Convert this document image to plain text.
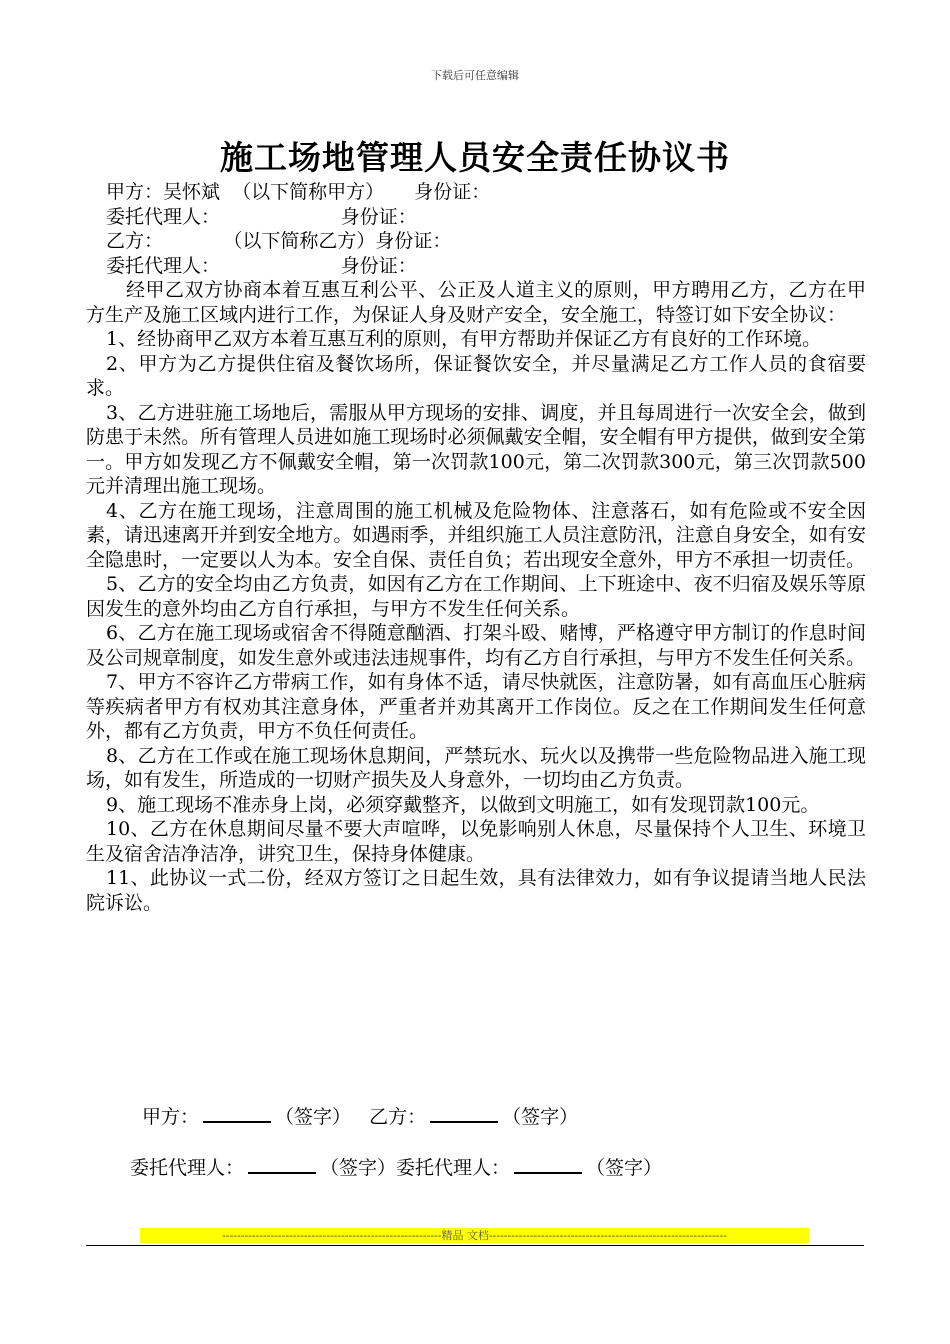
下载后可任意编辑
施工场地管理人员安全责任协议书

甲方：吴怀斌  （以下简称甲方）     身份证：

委托代理人：                    身份证：

乙方：          （以下简称乙方）身份证：

委托代理人：                    身份证：

经甲乙双方协商本着互惠互利公平、公正及人道主义的原则，甲方聘用乙方，乙方在甲方生产及施工区域内进行工作，为保证人身及财产安全，安全施工，特签订如下安全协议：

1、经协商甲乙双方本着互惠互利的原则，有甲方帮助并保证乙方有良好的工作环境。

2、甲方为乙方提供住宿及餐饮场所，保证餐饮安全，并尽量满足乙方工作人员的食宿要求。

3、乙方进驻施工场地后，需服从甲方现场的安排、调度，并且每周进行一次安全会，做到防患于未然。所有管理人员进如施工现场时必须佩戴安全帽，安全帽有甲方提供，做到安全第一。甲方如发现乙方不佩戴安全帽，第一次罚款100元，第二次罚款300元，第三次罚款500元并清理出施工现场。

4、乙方在施工现场，注意周围的施工机械及危险物体、注意落石，如有危险或不安全因素，请迅速离开并到安全地方。如遇雨季，并组织施工人员注意防汛，注意自身安全，如有安全隐患时，一定要以人为本。安全自保、责任自负；若出现安全意外，甲方不承担一切责任。

5、乙方的安全均由乙方负责，如因有乙方在工作期间、上下班途中、夜不归宿及娱乐等原因发生的意外均由乙方自行承担，与甲方不发生任何关系。

6、乙方在施工现场或宿舍不得随意酗酒、打架斗殴、赌博，严格遵守甲方制订的作息时间及公司规章制度，如发生意外或违法违规事件，均有乙方自行承担，与甲方不发生任何关系。

7、甲方不容许乙方带病工作，如有身体不适，请尽快就医，注意防暑，如有高血压心脏病等疾病者甲方有权劝其注意身体，严重者并劝其离开工作岗位。反之在工作期间发生任何意外，都有乙方负责，甲方不负任何责任。

8、乙方在工作或在施工现场休息期间，严禁玩水、玩火以及携带一些危险物品进入施工现场，如有发生，所造成的一切财产损失及人身意外，一切均由乙方负责。

9、施工现场不准赤身上岗，必须穿戴整齐，以做到文明施工，如有发现罚款100元。

10、乙方在休息期间尽量不要大声喧哗，以免影响别人休息，尽量保持个人卫生、环境卫生及宿舍洁净洁净，讲究卫生，保持身体健康。

11、此协议一式二份，经双方签订之日起生效，具有法律效力，如有争议提请当地人民法院诉讼。

甲方：	（签字） 乙方：	（签字）
委托代理人：	（签字）委托代理人：	（签字）
-----------------------------------------------------------精品 文档----------------------------------------------------------------
